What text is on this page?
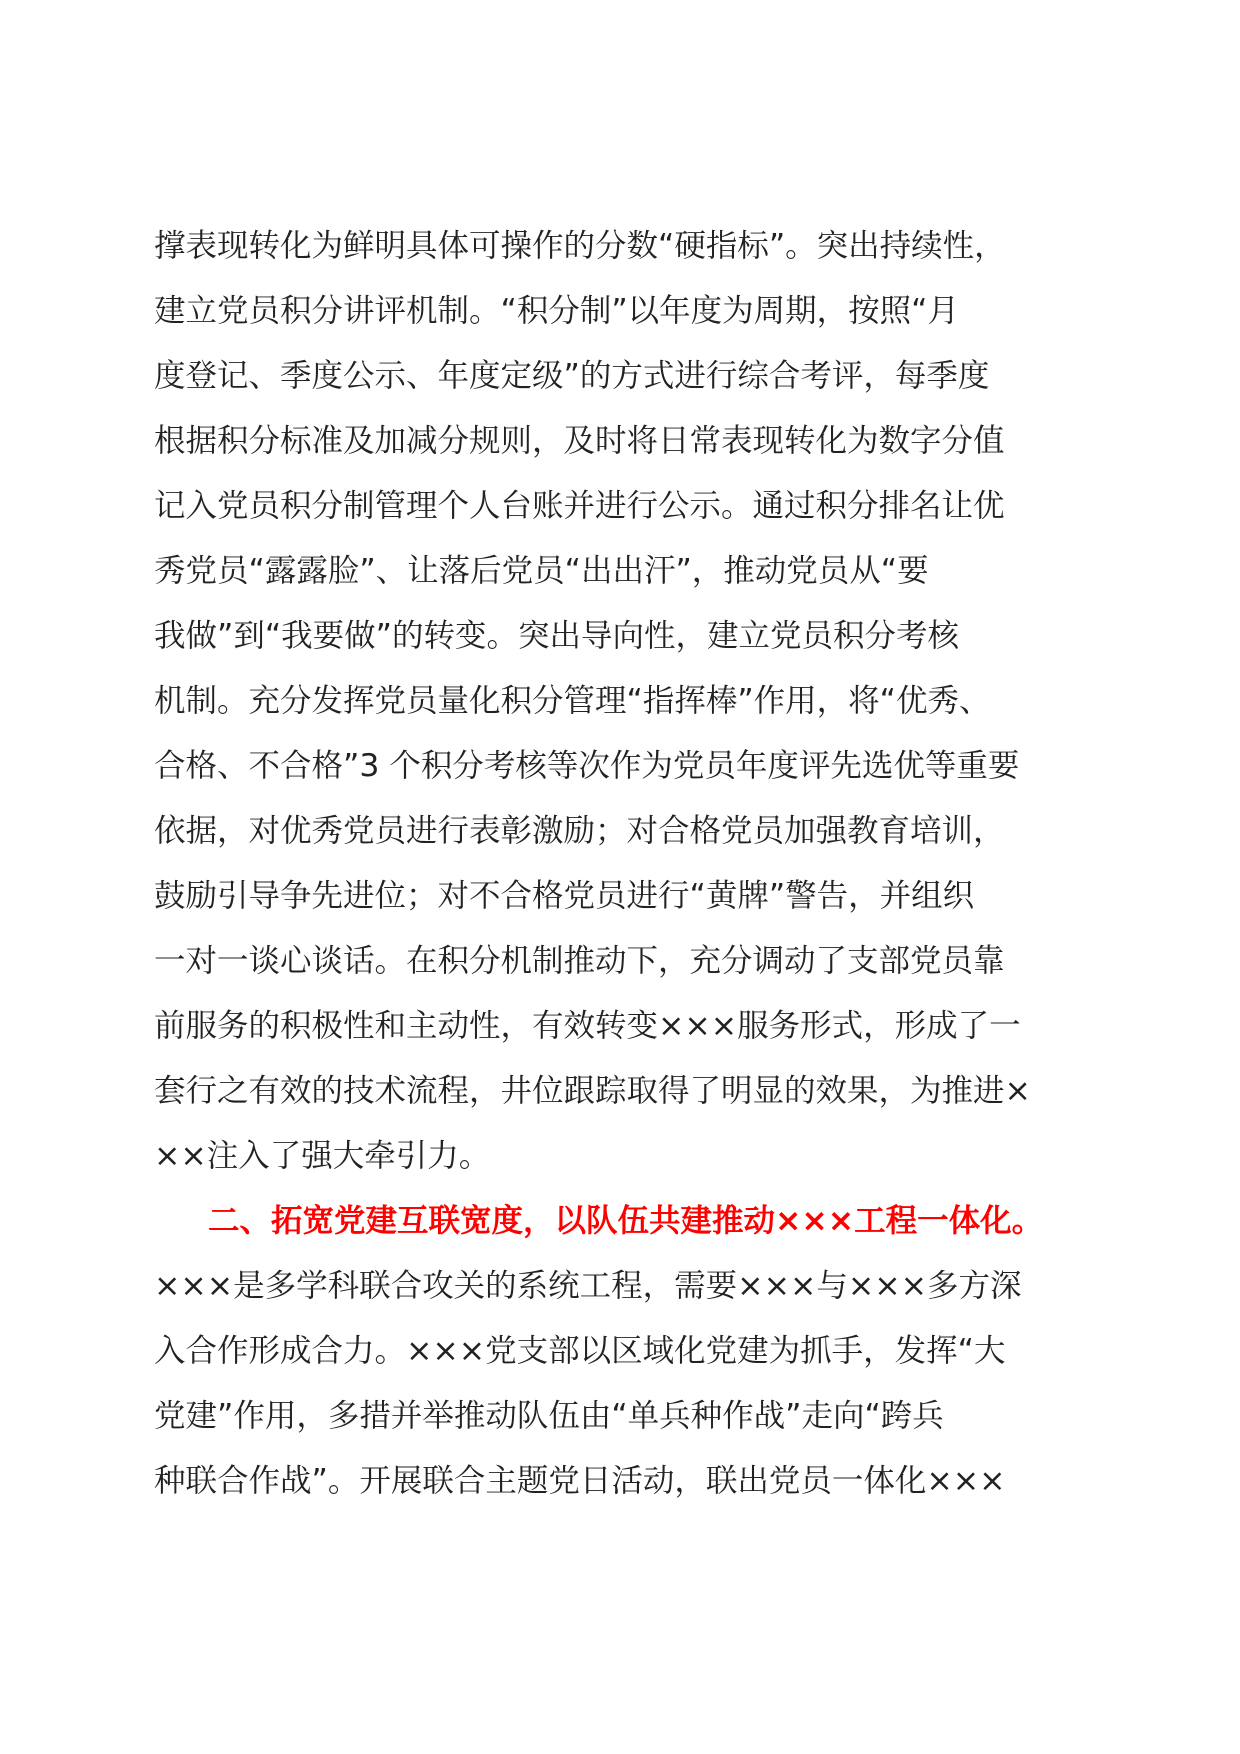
撑表现转化为鲜明具体可操作的分数“硬指标”。突出持续性，
建立党员积分讲评机制。“积分制”以年度为周期，按照“月
度登记、季度公示、年度定级”的方式进行综合考评，每季度
根据积分标准及加减分规则，及时将日常表现转化为数字分值
记入党员积分制管理个人台账并进行公示。通过积分排名让优
秀党员“露露脸”、让落后党员“出出汗”，推动党员从“要
我做”到“我要做”的转变。突出导向性，建立党员积分考核
机制。充分发挥党员量化积分管理“指挥棒”作用，将“优秀、
合格、不合格”3 个积分考核等次作为党员年度评先选优等重要
依据，对优秀党员进行表彰激励；对合格党员加强教育培训，
鼓励引导争先进位；对不合格党员进行“黄牌”警告，并组织
一对一谈心谈话。在积分机制推动下，充分调动了支部党员靠
前服务的积极性和主动性，有效转变×××服务形式，形成了一
套行之有效的技术流程，井位跟踪取得了明显的效果，为推进×
××注入了强大牵引力。
二、拓宽党建互联宽度，以队伍共建推动×××工程一体化。
×××是多学科联合攻关的系统工程，需要×××与×××多方深
入合作形成合力。×××党支部以区域化党建为抓手，发挥“大
党建”作用，多措并举推动队伍由“单兵种作战”走向“跨兵
种联合作战”。开展联合主题党日活动，联出党员一体化×××
